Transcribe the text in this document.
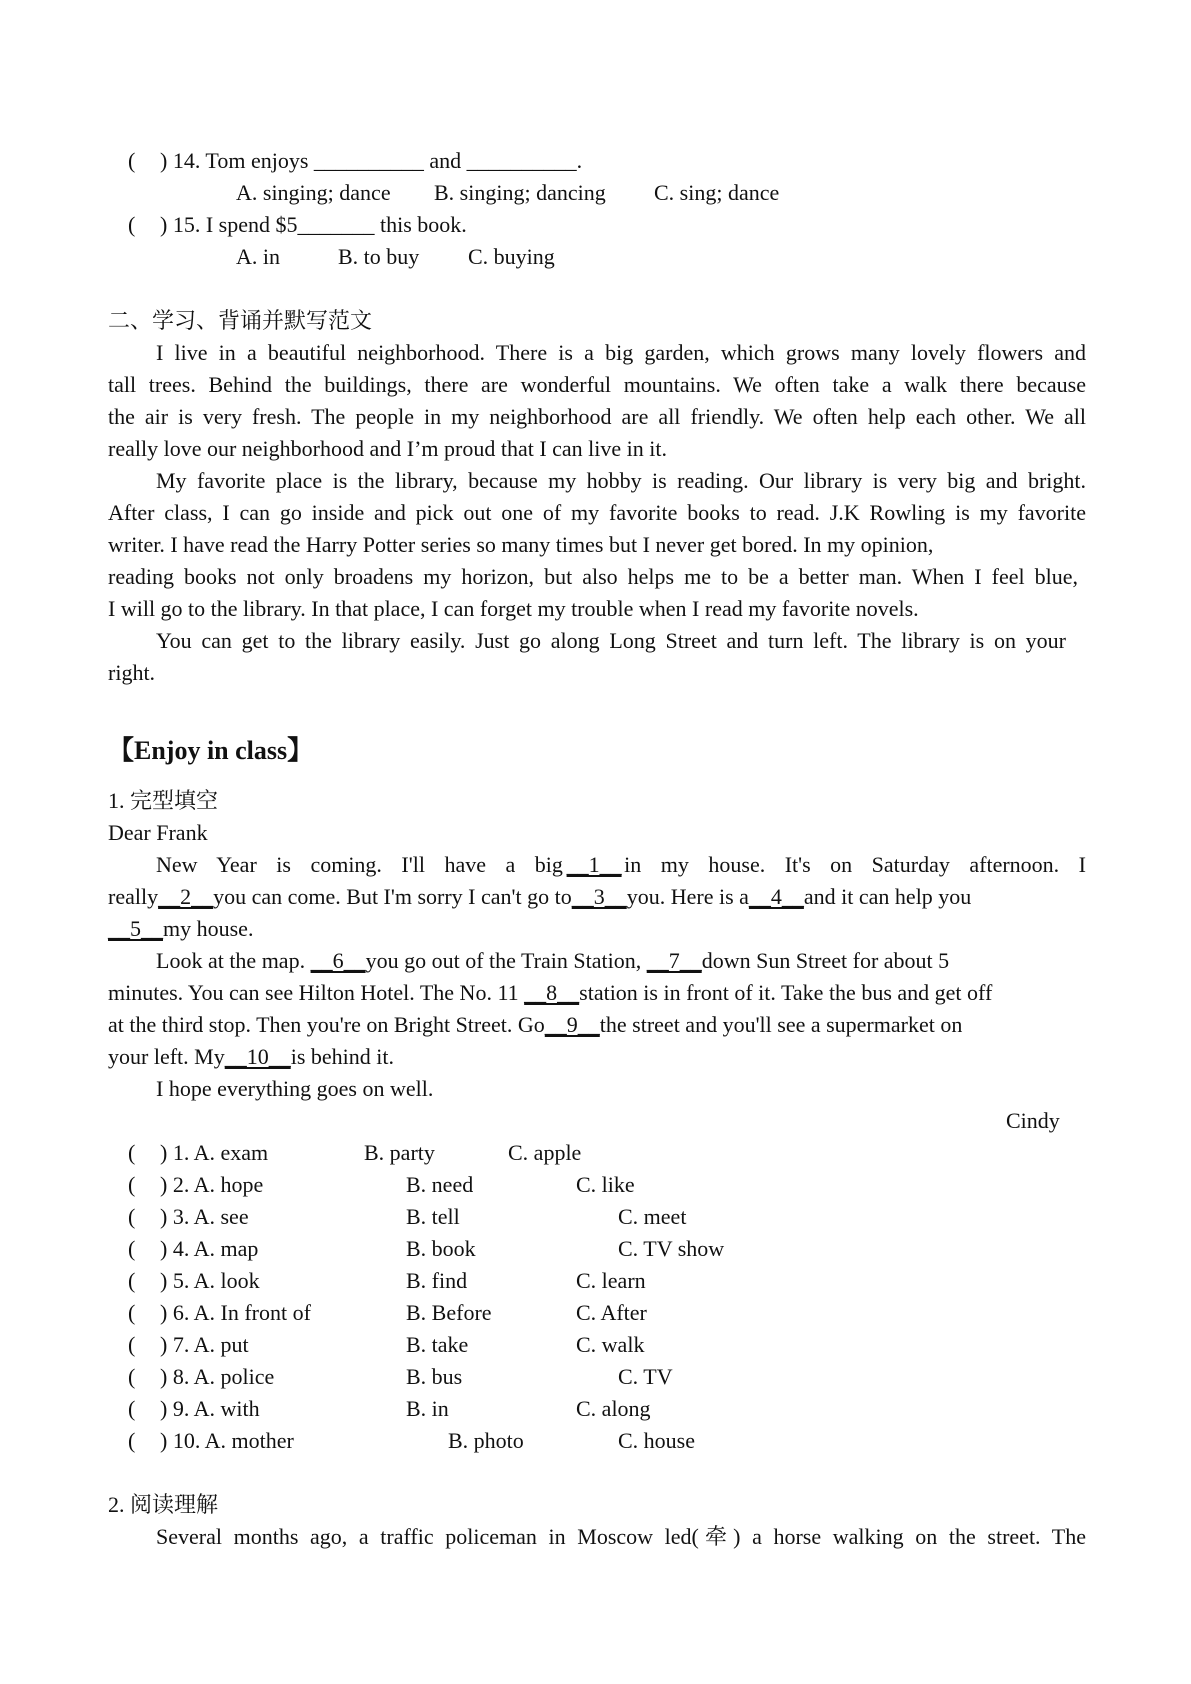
( ) 14. Tom enjoys __________ and __________.
A. singing; dance B. singing; dancing C. sing; dance
( ) 15. I spend $5_______ this book.
A. in	B. to buy C. buying
二、学习、背诵并默写范文
I live in a beautiful neighborhood. There is a big garden, which grows many lovely flowers and
tall trees. Behind the buildings, there are wonderful mountains. We often take a walk there because
the air is very fresh. The people in my neighborhood are all friendly. We often help each other. We all
really love our neighborhood and I’m proud that I can live in it.
My favorite place is the library, because my hobby is reading. Our library is very big and bright.
After class, I can go inside and pick out one of my favorite books to read. J.K Rowling is my favorite
writer. I have read the Harry Potter series so many times but I never get bored. In my opinion,
reading books not only broadens my horizon, but also helps me to be a better man. When I feel blue,
I will go to the library. In that place, I can forget my trouble when I read my favorite novels.
You can get to the library easily. Just go along Long Street and turn left. The library is on your
right.
【Enjoy in class】
1. 完型填空
Dear Frank
New Year is coming. I'll have a big __1__ in my house. It's on Saturday afternoon. I
really__2__you can come. But I'm sorry I can't go to__3__you. Here is a__4__and it can help you
__5__my house.
Look at the map. __6__you go out of the Train Station, __7__down Sun Street for about 5
minutes. You can see Hilton Hotel. The No. 11 __8__station is in front of it. Take the bus and get off
at the third stop. Then you're on Bright Street. Go__9__the street and you'll see a supermarket on
your left. My__10__is behind it.
I hope everything goes on well.
Cindy
( ) 1. A. exam	B. party	C. apple
( ) 2. A. hope	B. need	C. like
( ) 3. A. see	B. tell	C. meet
( ) 4. A. map	B. book	C. TV show
( ) 5. A. look	B. find	C. learn
( ) 6. A. In front of	B. Before	C. After
( ) 7. A. put	B. take	C. walk
( ) 8. A. police	B. bus	C. TV
( ) 9. A. with	B. in	C. along
( ) 10. A. mother	B. photo	C. house
2. 阅读理解
Several months ago, a traffic policeman in Moscow led(牵) a horse walking on the street. The
